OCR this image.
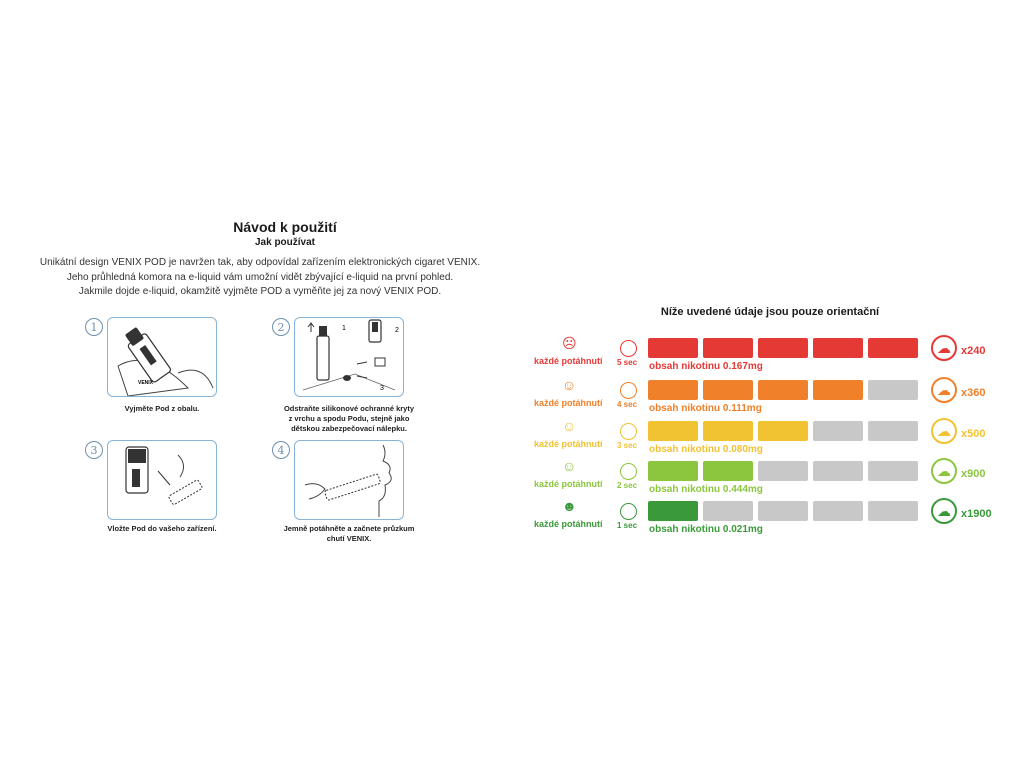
Návod k použití
Jak používat
Unikátní design VENIX POD je navržen tak, aby odpovídal zařízením elektronických cigaret VENIX.
Jeho průhledná komora na e-liquid vám umožní vidět zbývající e-liquid na první pohled.
Jakmile dojde e-liquid, okamžitě vyjměte POD a vyměňte jej za nový VENIX POD.
1
VENIX
Vyjměte Pod z obalu.
2	1	2
3
Odstraňte silikonové ochranné kryty
z vrchu a spodu Podu, stejně jako
dětskou zabezpečovací nálepku.
3
Vložte Pod do vašeho zařízení.
4
Jemně potáhněte a začnete průzkum
chutí VENIX.
Níže uvedené údaje jsou pouze orientační
☹
každé potáhnutí 5 sec obsah nikotinu 0.167mg
☁ x240
☺
každé potáhnutí 4 sec obsah nikotinu 0.111mg
☁ x360
☺
každé potáhnutí 3 sec obsah nikotinu 0.080mg
☁ x500
☺
každé potáhnutí 2 sec obsah nikotinu 0.444mg
☁ x900
☻
každé potáhnutí 1 sec obsah nikotinu 0.021mg
☁ x1900
